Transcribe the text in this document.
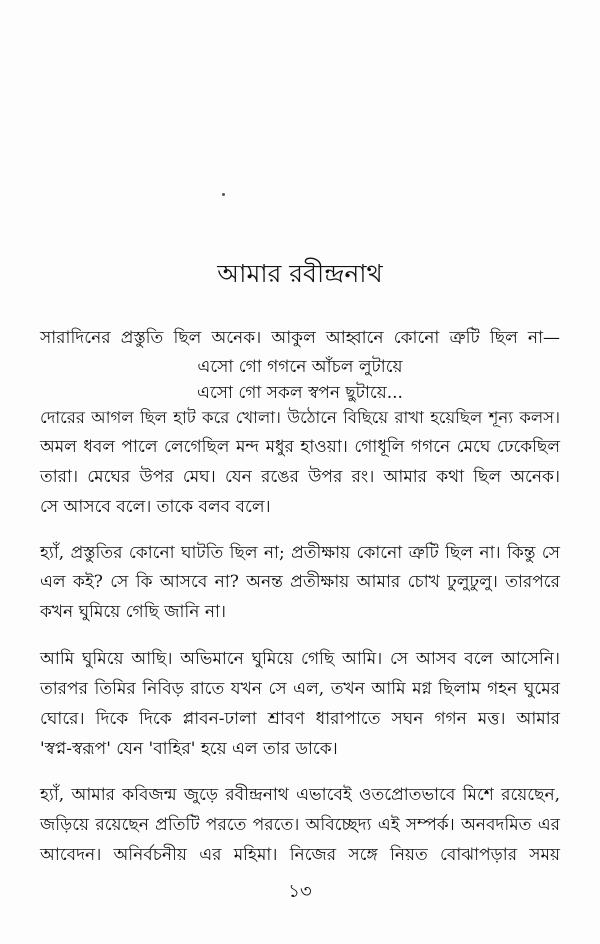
আমার রবীন্দ্রনাথ

সারাদিনের প্রস্তুতি ছিল অনেক। আকুল আহ্বানে কোনো ত্রুটি ছিল না—

এসো গো গগনে আঁচল লুটায়ে

এসো গো সকল স্বপন ছুটায়ে...

দোরের আগল ছিল হাট করে খোলা। উঠোনে বিছিয়ে রাখা হয়েছিল শূন্য কলস।

অমল ধবল পালে লেগেছিল মন্দ মধুর হাওয়া। গোধূলি গগনে মেঘে ঢেকেছিল

তারা। মেঘের উপর মেঘ। যেন রঙের উপর রং। আমার কথা ছিল অনেক।

সে আসবে বলে। তাকে বলব বলে।

হ্যাঁ, প্রস্তুতির কোনো ঘাটতি ছিল না; প্রতীক্ষায় কোনো ত্রুটি ছিল না। কিন্তু সে

এল কই? সে কি আসবে না? অনন্ত প্রতীক্ষায় আমার চোখ ঢুলুঢুলু। তারপরে

কখন ঘুমিয়ে গেছি জানি না।

আমি ঘুমিয়ে আছি। অভিমানে ঘুমিয়ে গেছি আমি। সে আসব বলে আসেনি।

তারপর তিমির নিবিড় রাতে যখন সে এল, তখন আমি মগ্ন ছিলাম গহন ঘুমের

ঘোরে। দিকে দিকে প্লাবন-ঢালা শ্রাবণ ধারাপাতে সঘন গগন মত্ত। আমার

'স্বপ্ন-স্বরূপ' যেন 'বাহির' হয়ে এল তার ডাকে।

হ্যাঁ, আমার কবিজন্ম জুড়ে রবীন্দ্রনাথ এভাবেই ওতপ্রোতভাবে মিশে রয়েছেন,

জড়িয়ে রয়েছেন প্রতিটি পরতে পরতে। অবিচ্ছেদ্য এই সম্পর্ক। অনবদমিত এর

আবেদন। অনির্বচনীয় এর মহিমা। নিজের সঙ্গে নিয়ত বোঝাপড়ার সময়

১৩
